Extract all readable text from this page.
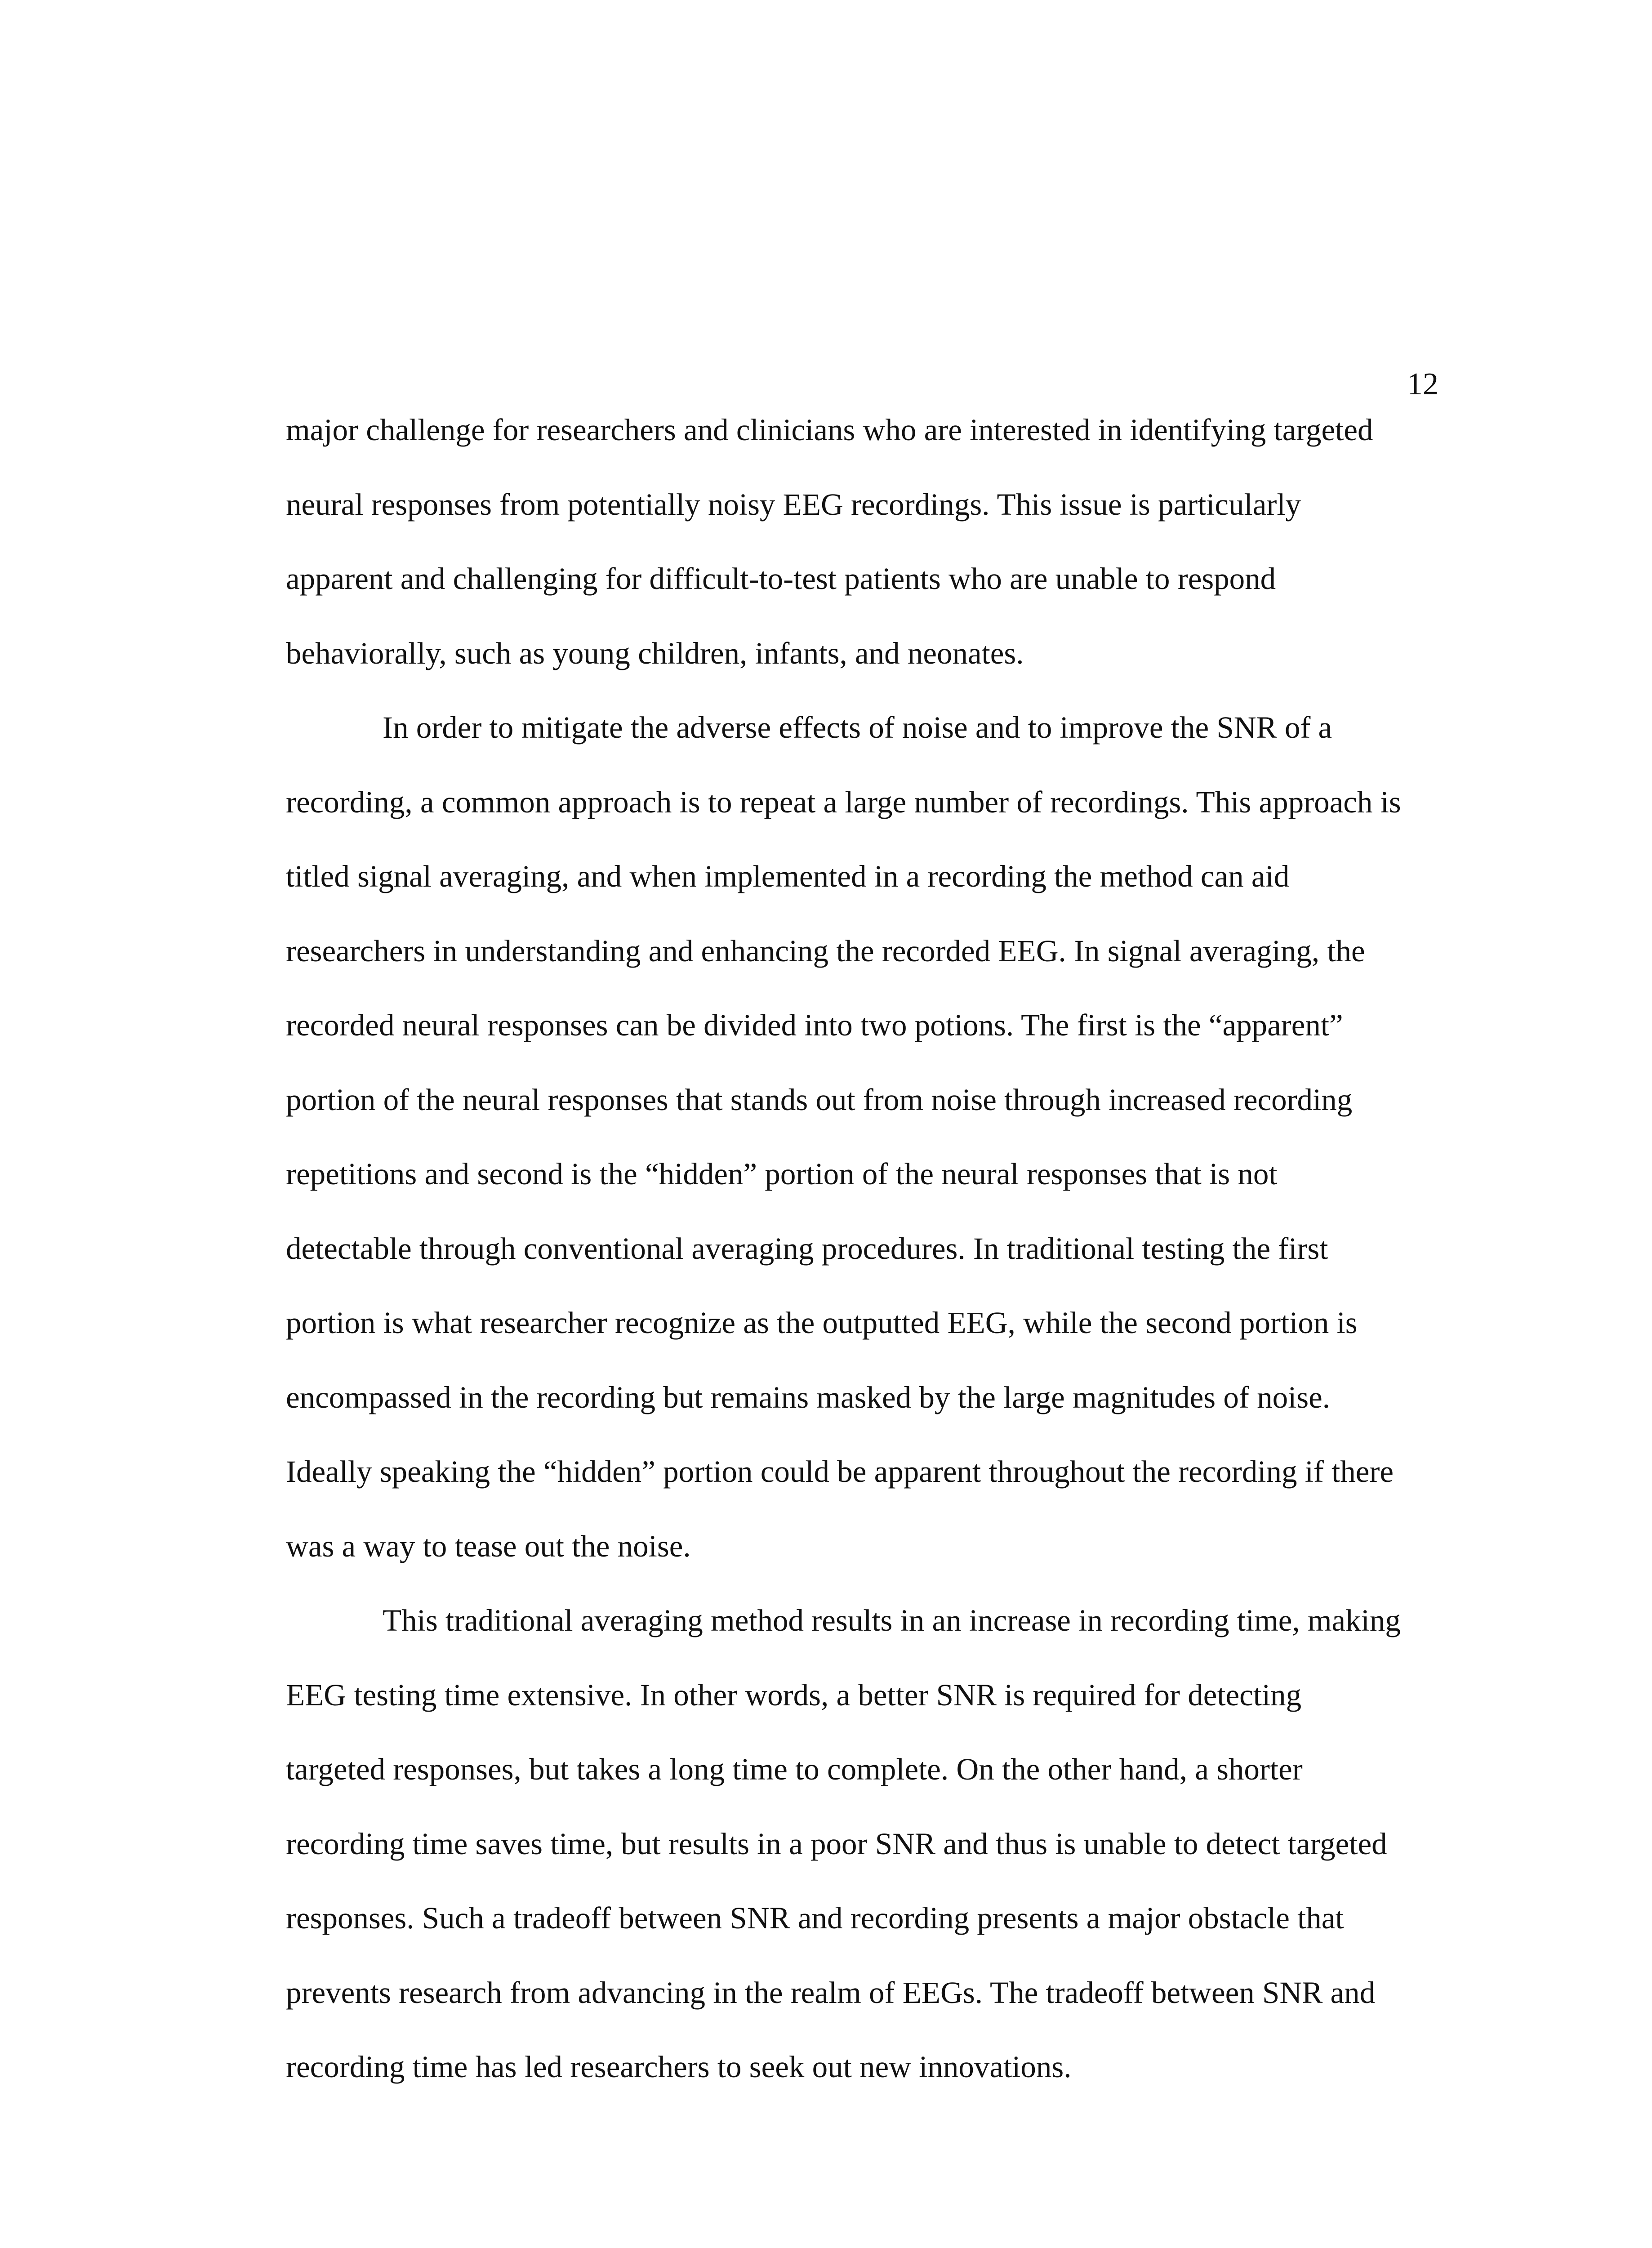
12
major challenge for researchers and clinicians who are interested in identifying targeted
neural responses from potentially noisy EEG recordings. This issue is particularly
apparent and challenging for difficult-to-test patients who are unable to respond
behaviorally, such as young children, infants, and neonates.
In order to mitigate the adverse effects of noise and to improve the SNR of a
recording, a common approach is to repeat a large number of recordings. This approach is
titled signal averaging, and when implemented in a recording the method can aid
researchers in understanding and enhancing the recorded EEG. In signal averaging, the
recorded neural responses can be divided into two potions. The first is the “apparent”
portion of the neural responses that stands out from noise through increased recording
repetitions and second is the “hidden” portion of the neural responses that is not
detectable through conventional averaging procedures. In traditional testing the first
portion is what researcher recognize as the outputted EEG, while the second portion is
encompassed in the recording but remains masked by the large magnitudes of noise.
Ideally speaking the “hidden” portion could be apparent throughout the recording if there
was a way to tease out the noise.
This traditional averaging method results in an increase in recording time, making
EEG testing time extensive. In other words, a better SNR is required for detecting
targeted responses, but takes a long time to complete. On the other hand, a shorter
recording time saves time, but results in a poor SNR and thus is unable to detect targeted
responses. Such a tradeoff between SNR and recording presents a major obstacle that
prevents research from advancing in the realm of EEGs. The tradeoff between SNR and
recording time has led researchers to seek out new innovations.
